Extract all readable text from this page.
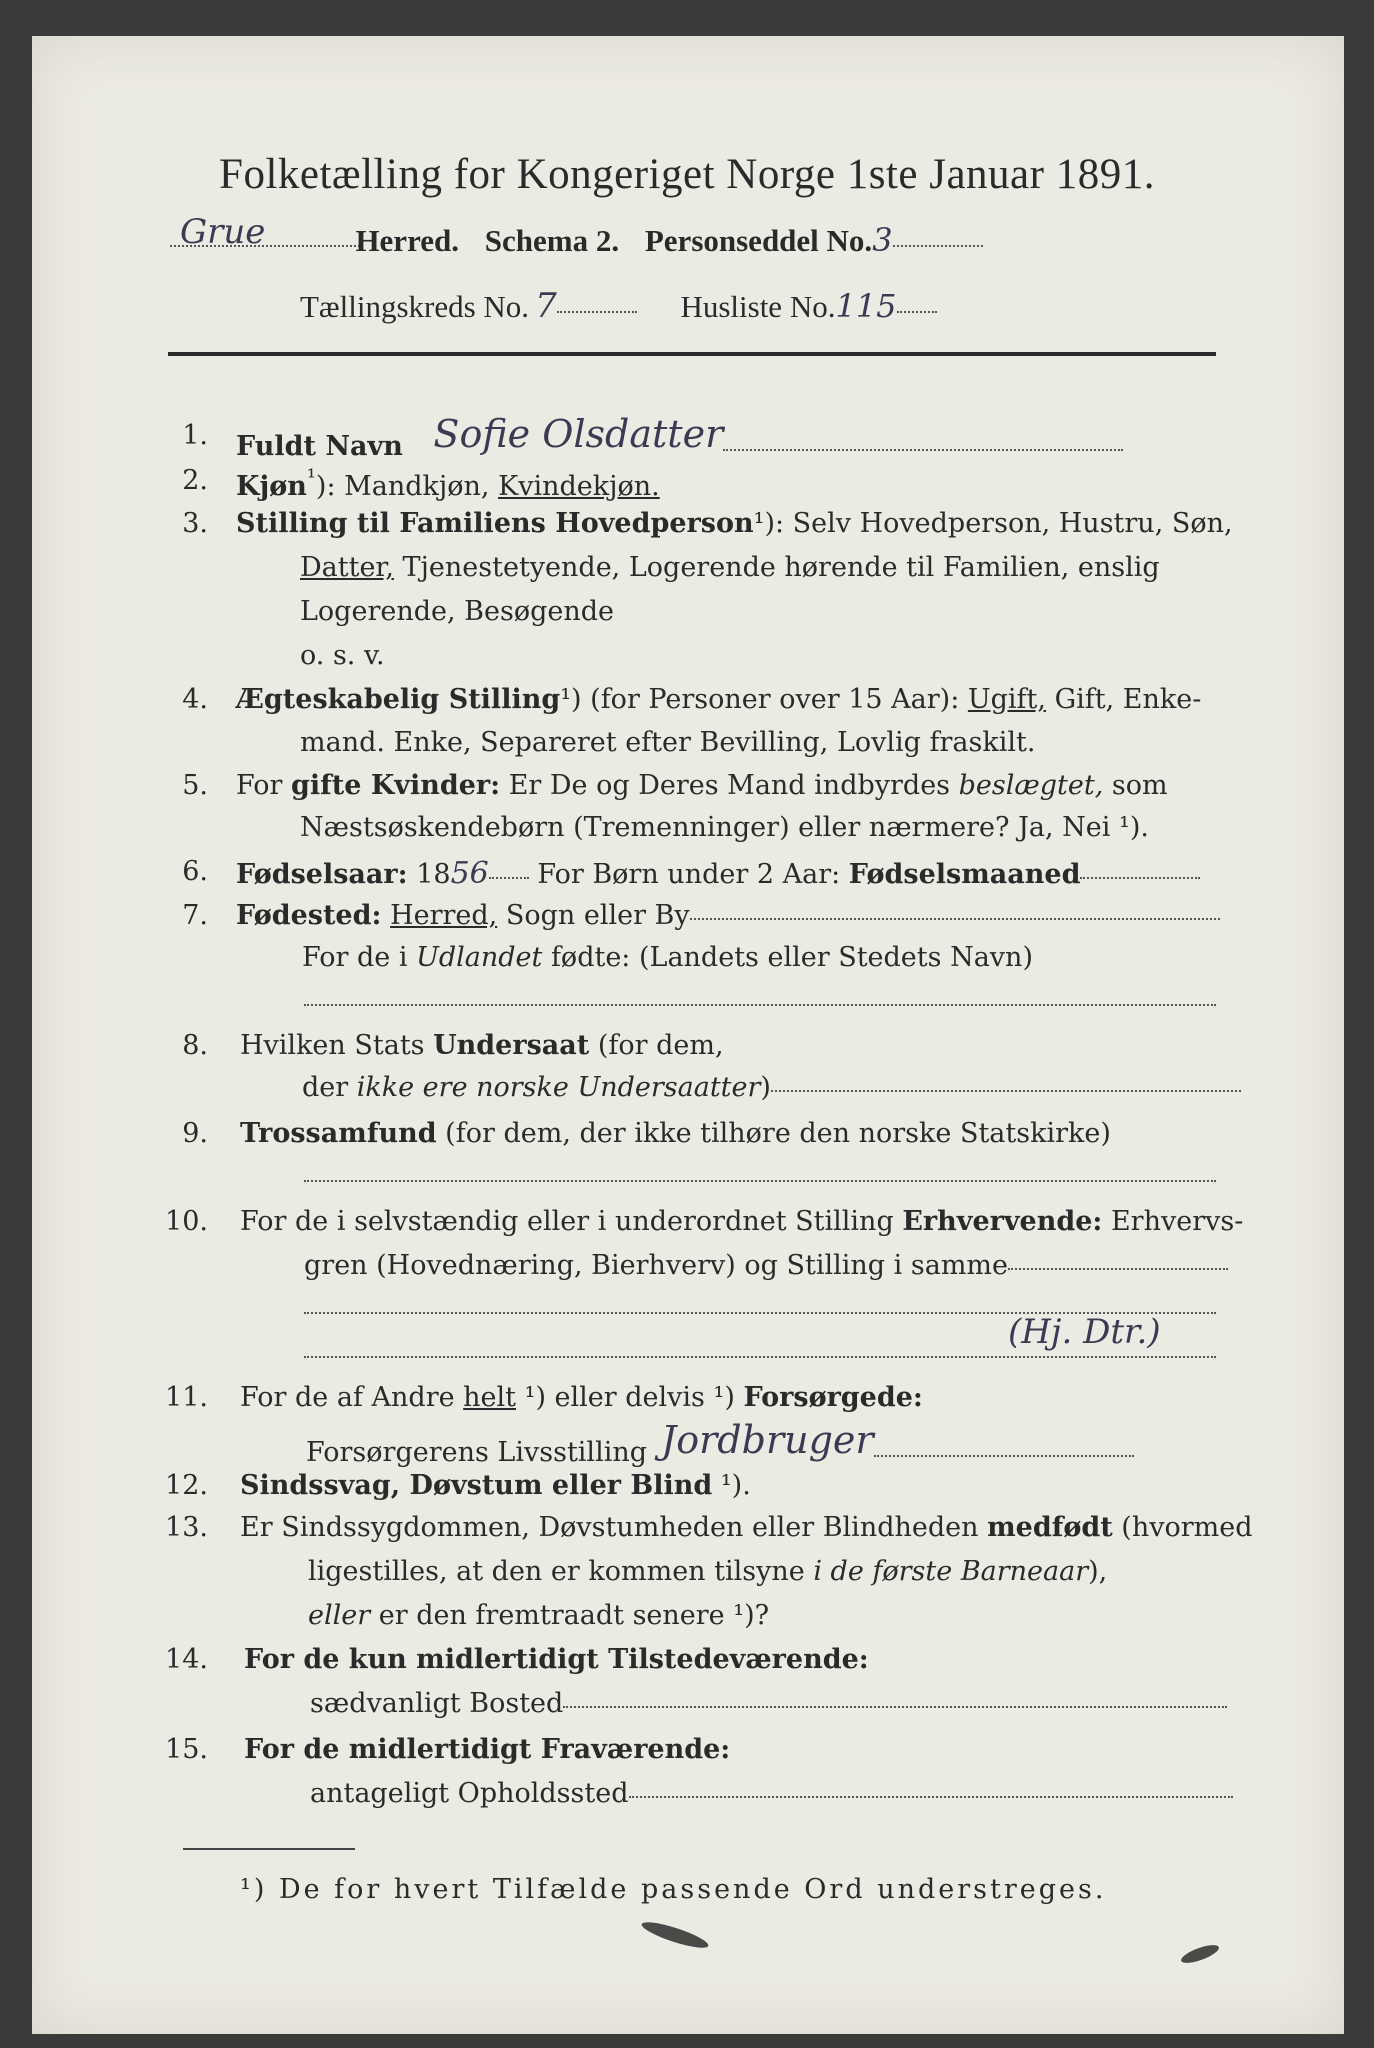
Folketælling for Kongeriget Norge 1ste Januar 1891.
Grue	Herred. Schema 2. Personseddel No.3
Tællingskreds No. 7	Husliste No.115
1. Fuldt Navn Sofie Olsdatter
2. Kjøn$^{^1}$): Mandkjøn, Kvindekjøn.
3. Stilling til Familiens Hovedperson¹): Selv Hovedperson, Hustru, Søn,
Datter, Tjenestetyende, Logerende hørende til Familien, enslig
Logerende, Besøgende
o. s. v.
4. Ægteskabelig Stilling¹) (for Personer over 15 Aar): Ugift, Gift, Enke-
mand. Enke, Separeret efter Bevilling, Lovlig fraskilt.
5. For gifte Kvinder: Er De og Deres Mand indbyrdes beslægtet, som
Næstsøskendebørn (Tremenninger) eller nærmere? Ja, Nei ¹).
6. Fødselsaar: 1856 For Børn under 2 Aar: Fødselsmaaned
7. Fødested: Herred, Sogn eller By
For de i Udlandet fødte: (Landets eller Stedets Navn)
8. Hvilken Stats Undersaat (for dem,
der ikke ere norske Undersaatter)
9. Trossamfund (for dem, der ikke tilhøre den norske Statskirke)
10. For de i selvstændig eller i underordnet Stilling Erhvervende: Erhvervs-
gren (Hovednæring, Bierhverv) og Stilling i samme
(Hj. Dtr.)
11. For de af Andre helt ¹) eller delvis ¹) Forsørgede:
Forsørgerens Livsstilling Jordbruger
12. Sindssvag, Døvstum eller Blind ¹).
13. Er Sindssygdommen, Døvstumheden eller Blindheden medfødt (hvormed
ligestilles, at den er kommen tilsyne i de første Barneaar),
eller er den fremtraadt senere ¹)?
14. For de kun midlertidigt Tilstedeværende:
sædvanligt Bosted
15. For de midlertidigt Fraværende:
antageligt Opholdssted
¹) De for hvert Tilfælde passende Ord understreges.
